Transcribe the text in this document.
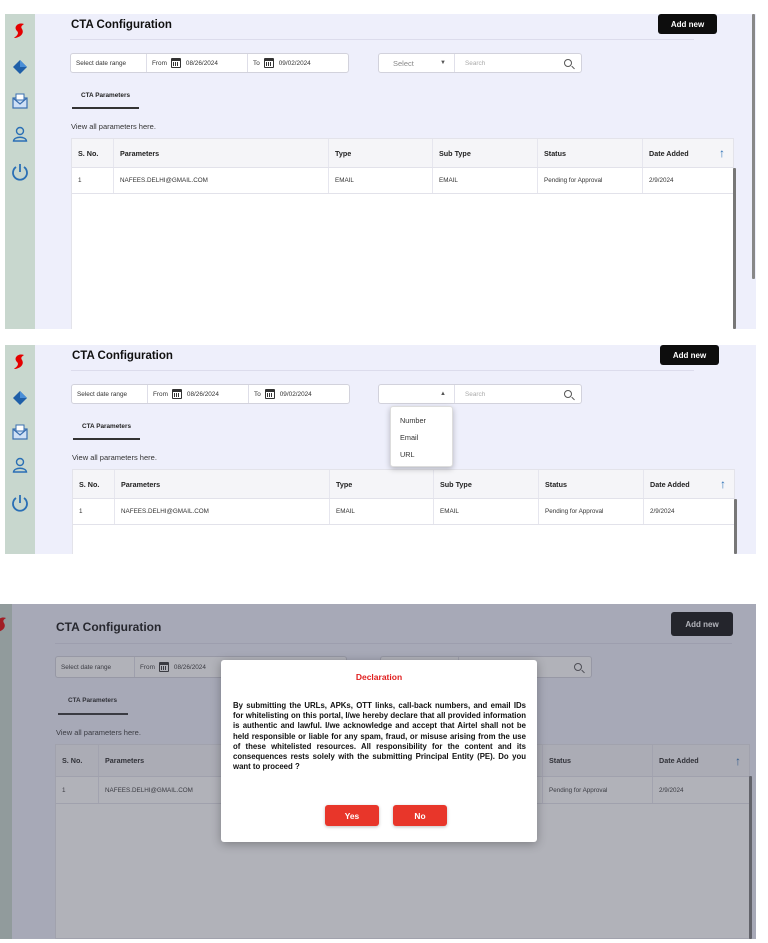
CTA Configuration	Add new
Select date range	From	08/26/2024	To	09/02/2024	Select	▼	Search
CTA Parameters
View all parameters here.
S. No.	Parameters	Type	Sub Type	Status	Date Added	↑
1	NAFEES.DELHI@GMAIL.COM	EMAIL	EMAIL	Pending for Approval	2/9/2024
CTA Configuration	Add new
Select date range	From	08/26/2024	To	09/02/2024	▲	Search
CTA Parameters
View all parameters here.
S. No.	Parameters	Type	Sub Type	Status	Date Added	↑
1	NAFEES.DELHI@GMAIL.COM	EMAIL	EMAIL	Pending for Approval	2/9/2024
Number
Email
URL
CTA Configuration	Add new
Select date range	From	08/26/2024
CTA Parameters
View all parameters here.
S. No.	Parameters	Status	Date Added	↑
1	NAFEES.DELHI@GMAIL.COM	Pending for Approval	2/9/2024
Declaration
By submitting the URLs, APKs, OTT links, call-back numbers, and email IDs for whitelisting on this portal, I/we hereby declare that all provided information is authentic and lawful. I/we acknowledge and accept that Airtel shall not be held responsible or liable for any spam, fraud, or misuse arising from the use of these whitelisted resources. All responsibility for the content and its consequences rests solely with the submitting Principal Entity (PE). Do you want to proceed ?
Yes	No
